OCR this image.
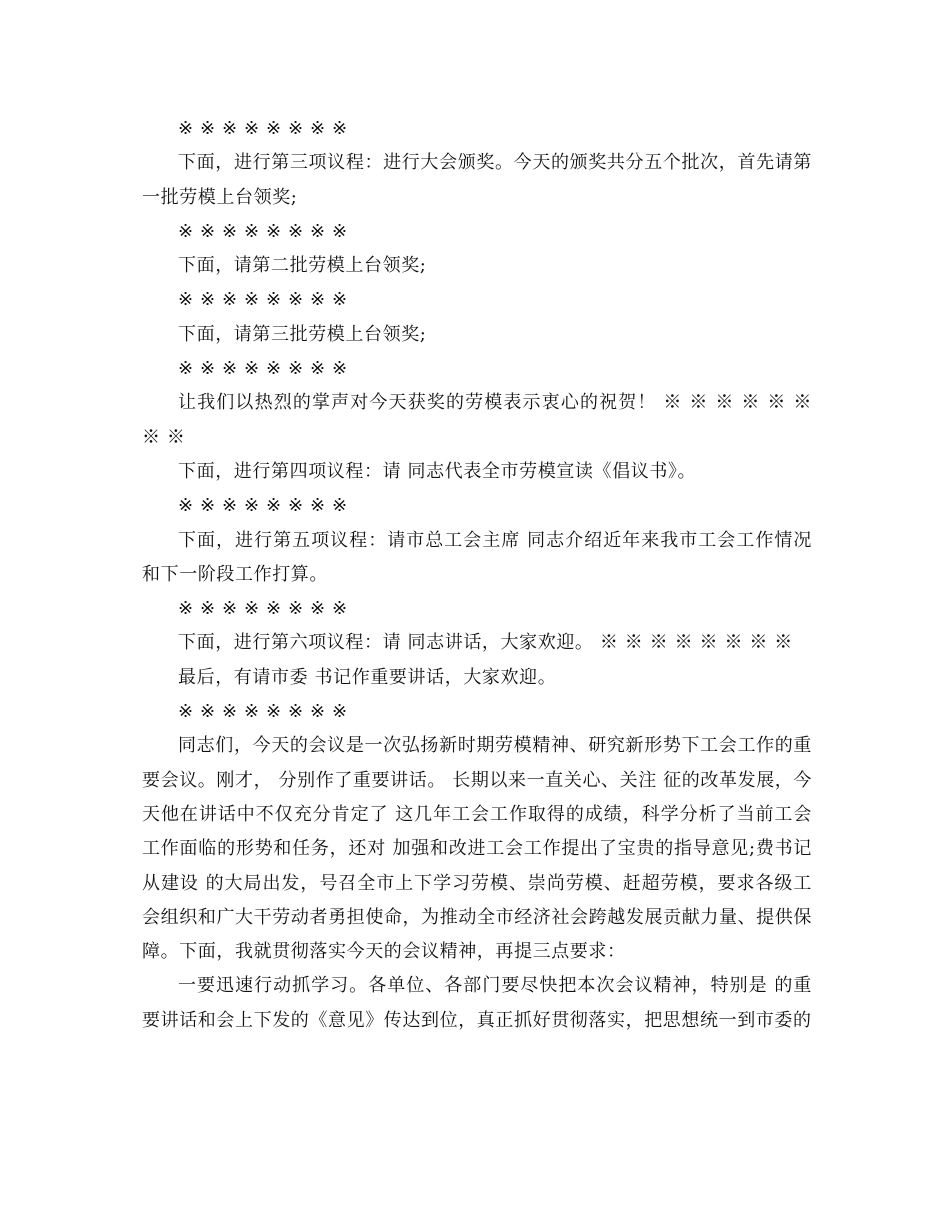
※ ※ ※ ※ ※ ※ ※ ※

下面，进行第三项议程：进行大会颁奖。今天的颁奖共分五个批次，首先请第一批劳模上台领奖;

※ ※ ※ ※ ※ ※ ※ ※

下面，请第二批劳模上台领奖;

※ ※ ※ ※ ※ ※ ※ ※

下面，请第三批劳模上台领奖;

※ ※ ※ ※ ※ ※ ※ ※

让我们以热烈的掌声对今天获奖的劳模表示衷心的祝贺！ ※ ※ ※ ※ ※ ※ ※ ※

下面，进行第四项议程：请 同志代表全市劳模宣读《倡议书》。

※ ※ ※ ※ ※ ※ ※ ※

下面，进行第五项议程：请市总工会主席 同志介绍近年来我市工会工作情况和下一阶段工作打算。

※ ※ ※ ※ ※ ※ ※ ※

下面，进行第六项议程：请 同志讲话，大家欢迎。 ※ ※ ※ ※ ※ ※ ※ ※

最后，有请市委 书记作重要讲话，大家欢迎。

※ ※ ※ ※ ※ ※ ※ ※

同志们，今天的会议是一次弘扬新时期劳模精神、研究新形势下工会工作的重要会议。刚才， 分别作了重要讲话。 长期以来一直关心、关注 征的改革发展，今天他在讲话中不仅充分肯定了 这几年工会工作取得的成绩，科学分析了当前工会工作面临的形势和任务，还对 加强和改进工会工作提出了宝贵的指导意见;费书记从建设 的大局出发，号召全市上下学习劳模、崇尚劳模、赶超劳模，要求各级工会组织和广大干劳动者勇担使命，为推动全市经济社会跨越发展贡献力量、提供保障。下面，我就贯彻落实今天的会议精神，再提三点要求：

一要迅速行动抓学习。各单位、各部门要尽快把本次会议精神，特别是 的重要讲话和会上下发的《意见》传达到位，真正抓好贯彻落实，把思想统一到市委的
